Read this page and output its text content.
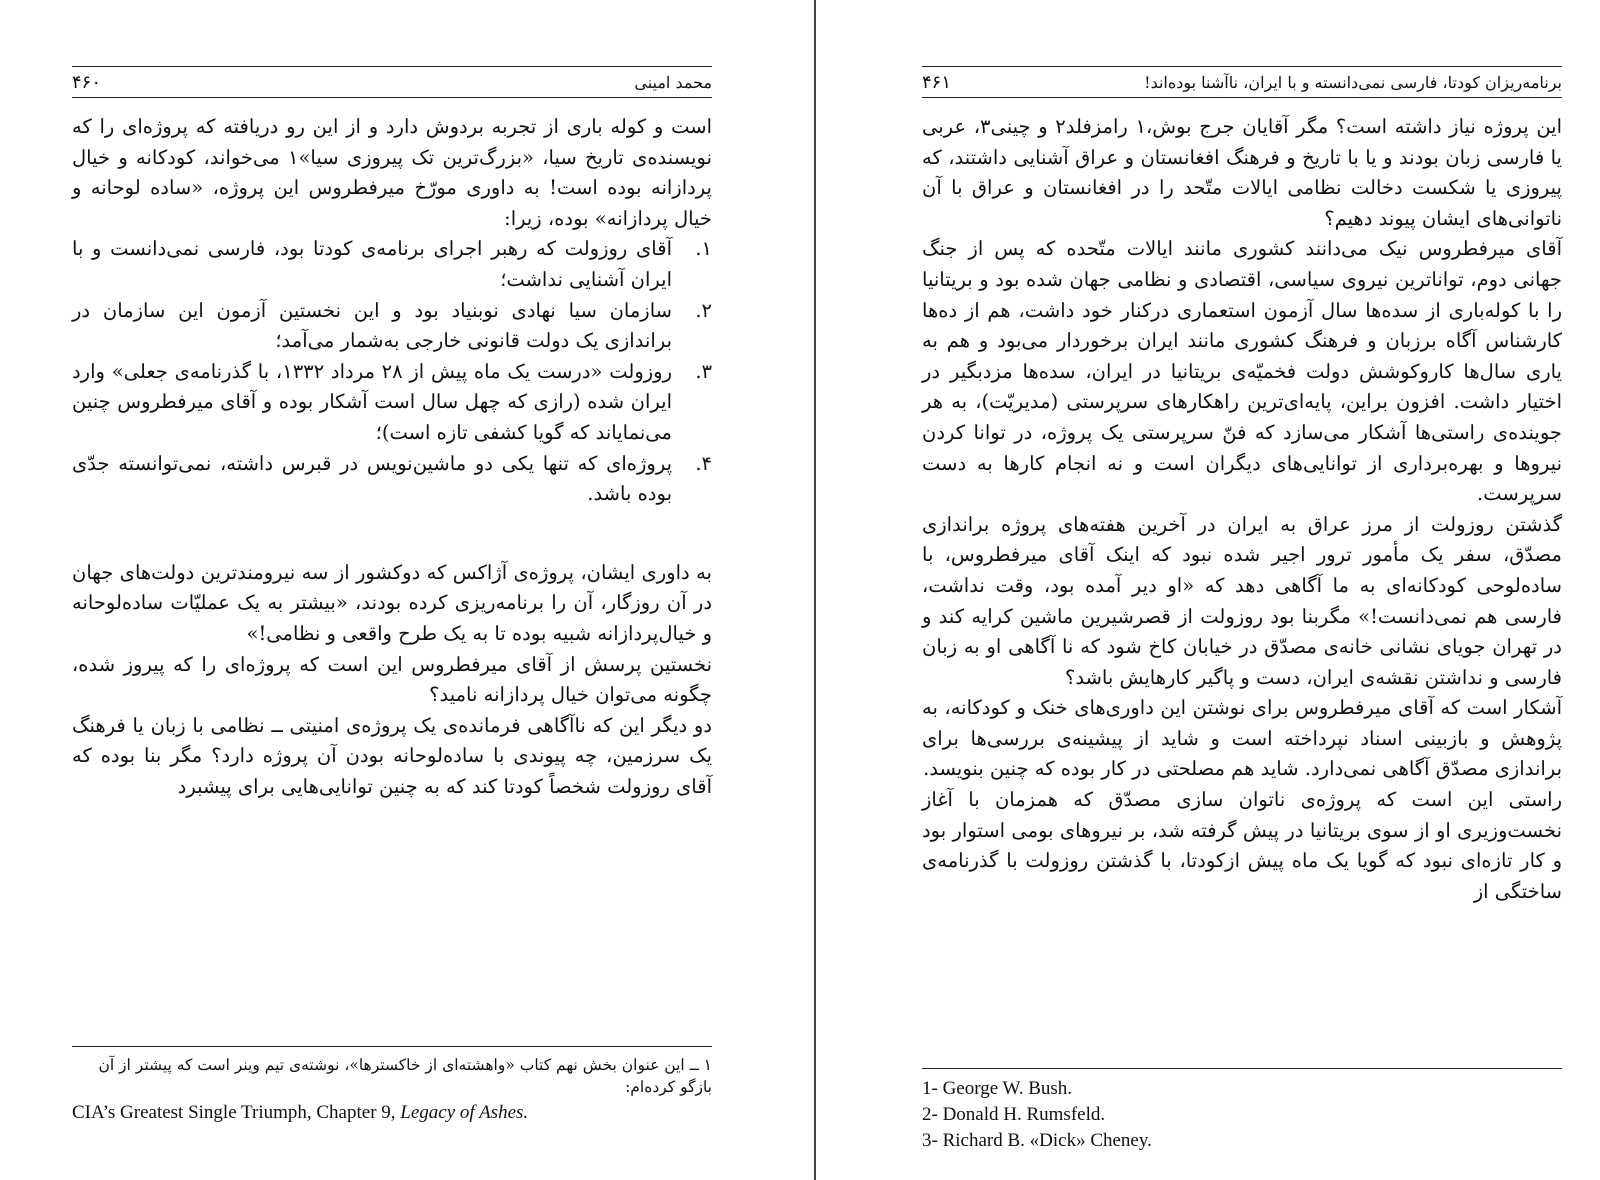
محمد امینی
۴۶۰

است و کوله باری از تجربه بردوش دارد و از این رو دریافته که پروژه‌ای را که نویسنده‌ی تاریخ سیا، «بزرگ‌ترین تک پیروزی سیا»۱ می‌خواند، کودکانه و خیال پردازانه بوده است! به داوری مورّخ میرفطروس این پروژه، «ساده لوحانه و خیال پردازانه» بوده، زیرا:

۱.
آقای روزولت که رهبر اجرای برنامه‌ی کودتا بود، فارسی نمی‌دانست و با ایران آشنایی نداشت؛
۲.
سازمان سیا نهادی نوبنیاد بود و این نخستین آزمون این سازمان در براندازی یک دولت قانونی خارجی به‌شمار می‌آمد؛
۳.
روزولت «درست یک ماه پیش از ۲۸ مرداد ۱۳۳۲، با گذرنامه‌ی جعلی» وارد ایران شده (رازی که چهل سال است آشکار بوده و آقای میرفطروس چنین می‌نمایاند که گویا کشفی تازه است)؛
۴.
پروژه‌ای که تنها یکی دو ماشین‌نویس در قبرس داشته، نمی‌توانسته جدّی بوده باشد.

به داوری ایشان، پروژه‌ی آژاکس که دوکشور از سه نیرومندترین دولت‌های جهان در آن روزگار، آن را برنامه‌ریزی کرده بودند، «بیشتر به یک عملیّات ساده‌لوحانه و خیال‌پردازانه شبیه بوده تا به یک طرح واقعی و نظامی!»

نخستین پرسش از آقای میرفطروس این است که پروژه‌ای را که پیروز شده، چگونه می‌توان خیال پردازانه نامید؟

دو دیگر این که ناآگاهی فرمانده‌ی یک پروژه‌ی امنیتی ــ نظامی با زبان یا فرهنگ یک سرزمین، چه پیوندی با ساده‌لوحانه بودن آن پروژه دارد؟ مگر بنا بوده که آقای روزولت شخصاً کودتا کند که به چنین توانایی‌هایی برای پیشبرد

۱ ــ این عنوان بخش نهم کتاب «واهشته‌ای از خاکسترها»، نوشته‌ی تیم وینر است که پیشتر از آن بازگو کرده‌ام:
CIA’s Greatest Single Triumph, Chapter 9, Legacy of Ashes.
برنامه‌ریزان کودتا، فارسی نمی‌دانسته و با ایران، ناآشنا بوده‌اند!
۴۶۱

این پروژه نیاز داشته است؟ مگر آقایان جرج بوش،۱ رامزفلد۲ و چینی۳، عربی یا فارسی زبان بودند و یا با تاریخ و فرهنگ افغانستان و عراق آشنایی داشتند، که پیروزی یا شکست دخالت نظامی ایالات متّحد را در افغانستان و عراق با آن ناتوانی‌های ایشان پیوند دهیم؟

آقای میرفطروس نیک می‌دانند کشوری مانند ایالات متّحده که پس از جنگ جهانی دوم، تواناترین نیروی سیاسی، اقتصادی و نظامی جهان شده بود و بریتانیا را با کوله‌باری از سده‌ها سال آزمون استعماری درکنار خود داشت، هم از ده‌ها کارشناس آگاه برزبان و فرهنگ کشوری مانند ایران برخوردار می‌بود و هم به یاری سال‌ها کاروکوشش دولت فخمیّه‌ی بریتانیا در ایران، سده‌ها مزدبگیر در اختیار داشت. افزون براین، پایه‌ای‌ترین راهکارهای سرپرستی (مدیریّت)، به هر جوینده‌ی راستی‌ها آشکار می‌سازد که فنّ سرپرستی یک پروژه، در توانا کردن نیروها و بهره‌برداری از توانایی‌های دیگران است و نه انجام کارها به دست سرپرست.

گذشتن روزولت از مرز عراق به ایران در آخرین هفته‌های پروژه براندازی مصدّق، سفر یک مأمور ترور اجیر شده نبود که اینک آقای میرفطروس، با ساده‌لوحی کودکانه‌ای به ما آگاهی دهد که «او دیر آمده بود، وقت نداشت، فارسی هم نمی‌دانست!» مگربنا بود روزولت از قصرشیرین ماشین کرایه کند و در تهران جویای نشانی خانه‌ی مصدّق در خیابان کاخ شود که نا آگاهی او به زبان فارسی و نداشتن نقشه‌ی ایران، دست و پاگیر کارهایش باشد؟

آشکار است که آقای میرفطروس برای نوشتن این داوری‌های خنک و کودکانه، به پژوهش و بازبینی اسناد نپرداخته است و شاید از پیشینه‌ی بررسی‌ها برای براندازی مصدّق آگاهی نمی‌دارد. شاید هم مصلحتی در کار بوده که چنین بنویسد.

راستی این است که پروژه‌ی ناتوان سازی مصدّق که همزمان با آغاز نخست‌وزیری او از سوی بریتانیا در پیش گرفته شد، بر نیروهای بومی استوار بود و کار تازه‌ای نبود که گویا یک ماه پیش ازکودتا، با گذشتن روزولت با گذرنامه‌ی ساختگی از

1- George W. Bush.
2- Donald H. Rumsfeld.
3- Richard B. «Dick» Cheney.
